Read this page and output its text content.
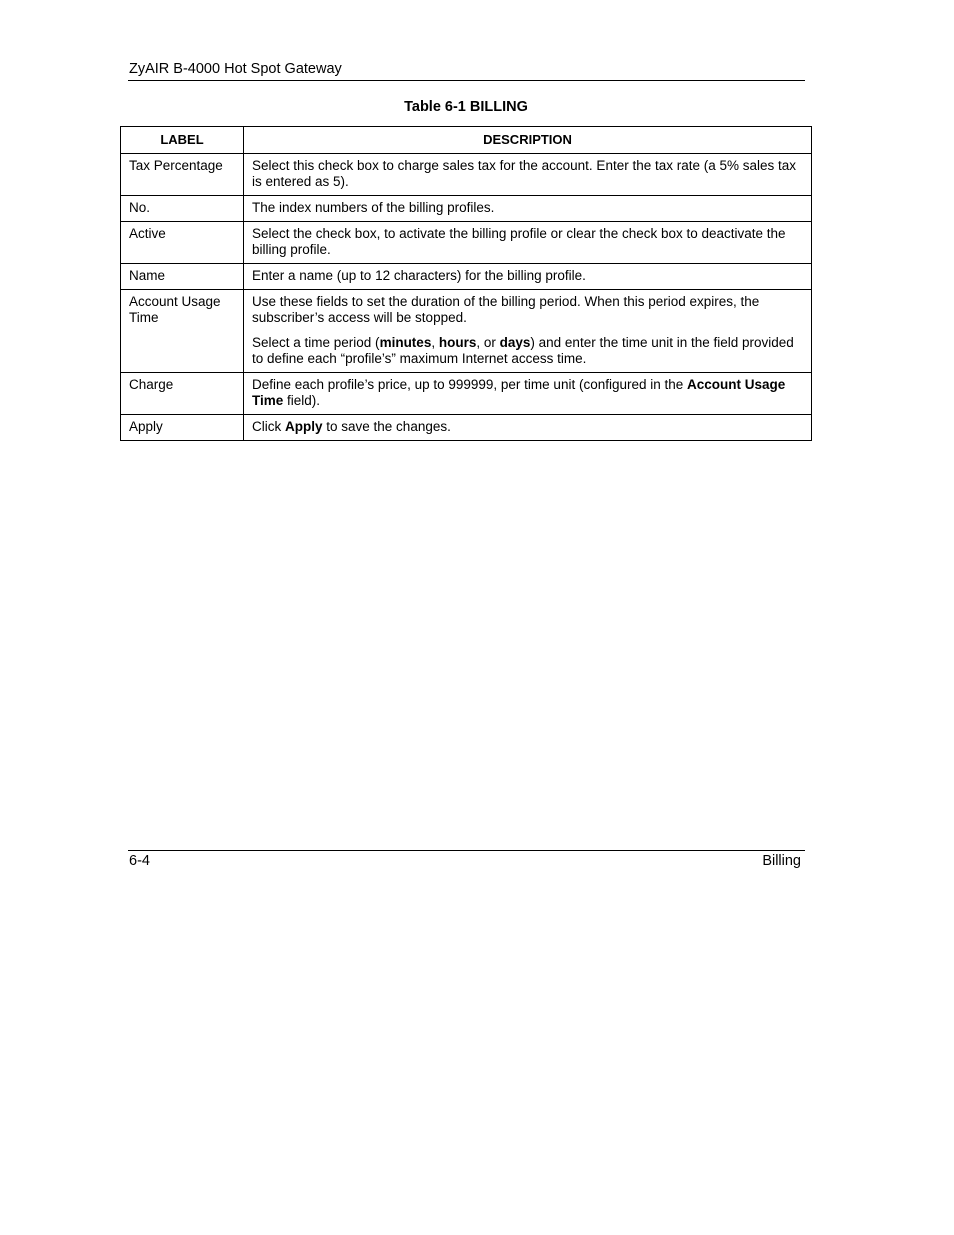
ZyAIR B-4000 Hot Spot Gateway
Table 6-1 BILLING
LABEL	DESCRIPTION
Tax Percentage	Select this check box to charge sales tax for the account. Enter the tax rate (a 5% sales tax is entered as 5).
No.	The index numbers of the billing profiles.
Active	Select the check box, to activate the billing profile or clear the check box to deactivate the billing profile.
Name	Enter a name (up to 12 characters) for the billing profile.
Account Usage Time	Use these fields to set the duration of the billing period. When this period expires, the subscriber’s access will be stopped.

Select a time period (minutes, hours, or days) and enter the time unit in the field provided to define each “profile’s” maximum Internet access time.

Charge	Define each profile’s price, up to 999999, per time unit (configured in the Account Usage Time field).
Apply	Click Apply to save the changes.
6-4	Billing
